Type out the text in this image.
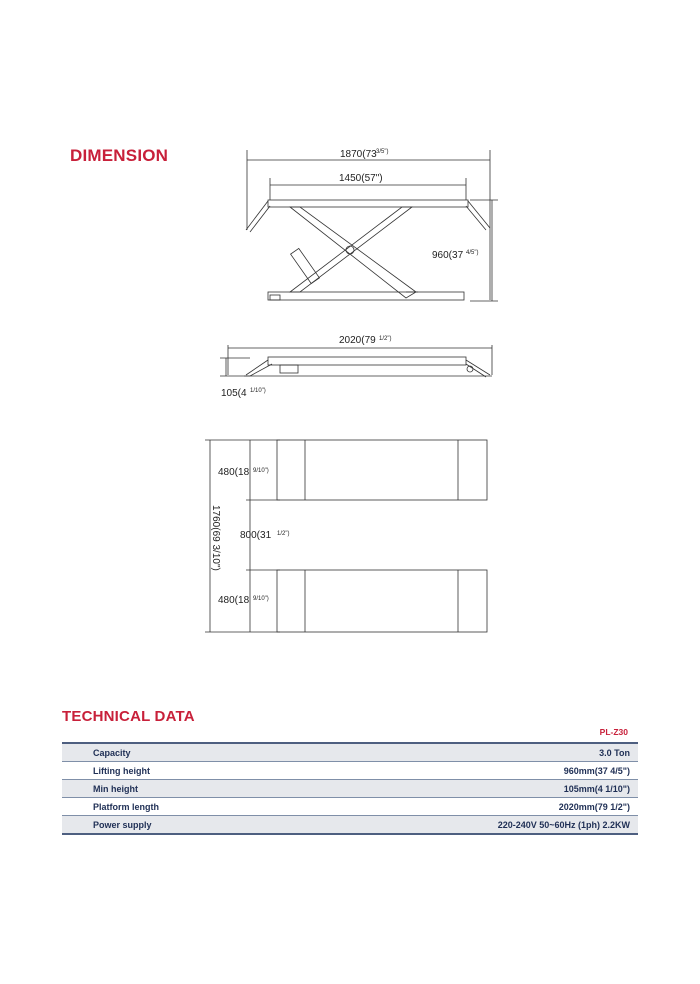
DIMENSION	1870(73 3/5")
1450(57")
960(37 4/5")
2020(79 1/2")
105(4 1/10")
480(18 9/10")
800(31 1/2")
480(18 9/10")
1760(69 3/10")
TECHNICAL DATA
PL-Z30
Capacity	3.0 Ton
Lifting height	960mm(37 4/5")
Min height	105mm(4 1/10")
Platform length	2020mm(79 1/2")
Power supply	220-240V 50~60Hz (1ph) 2.2KW
